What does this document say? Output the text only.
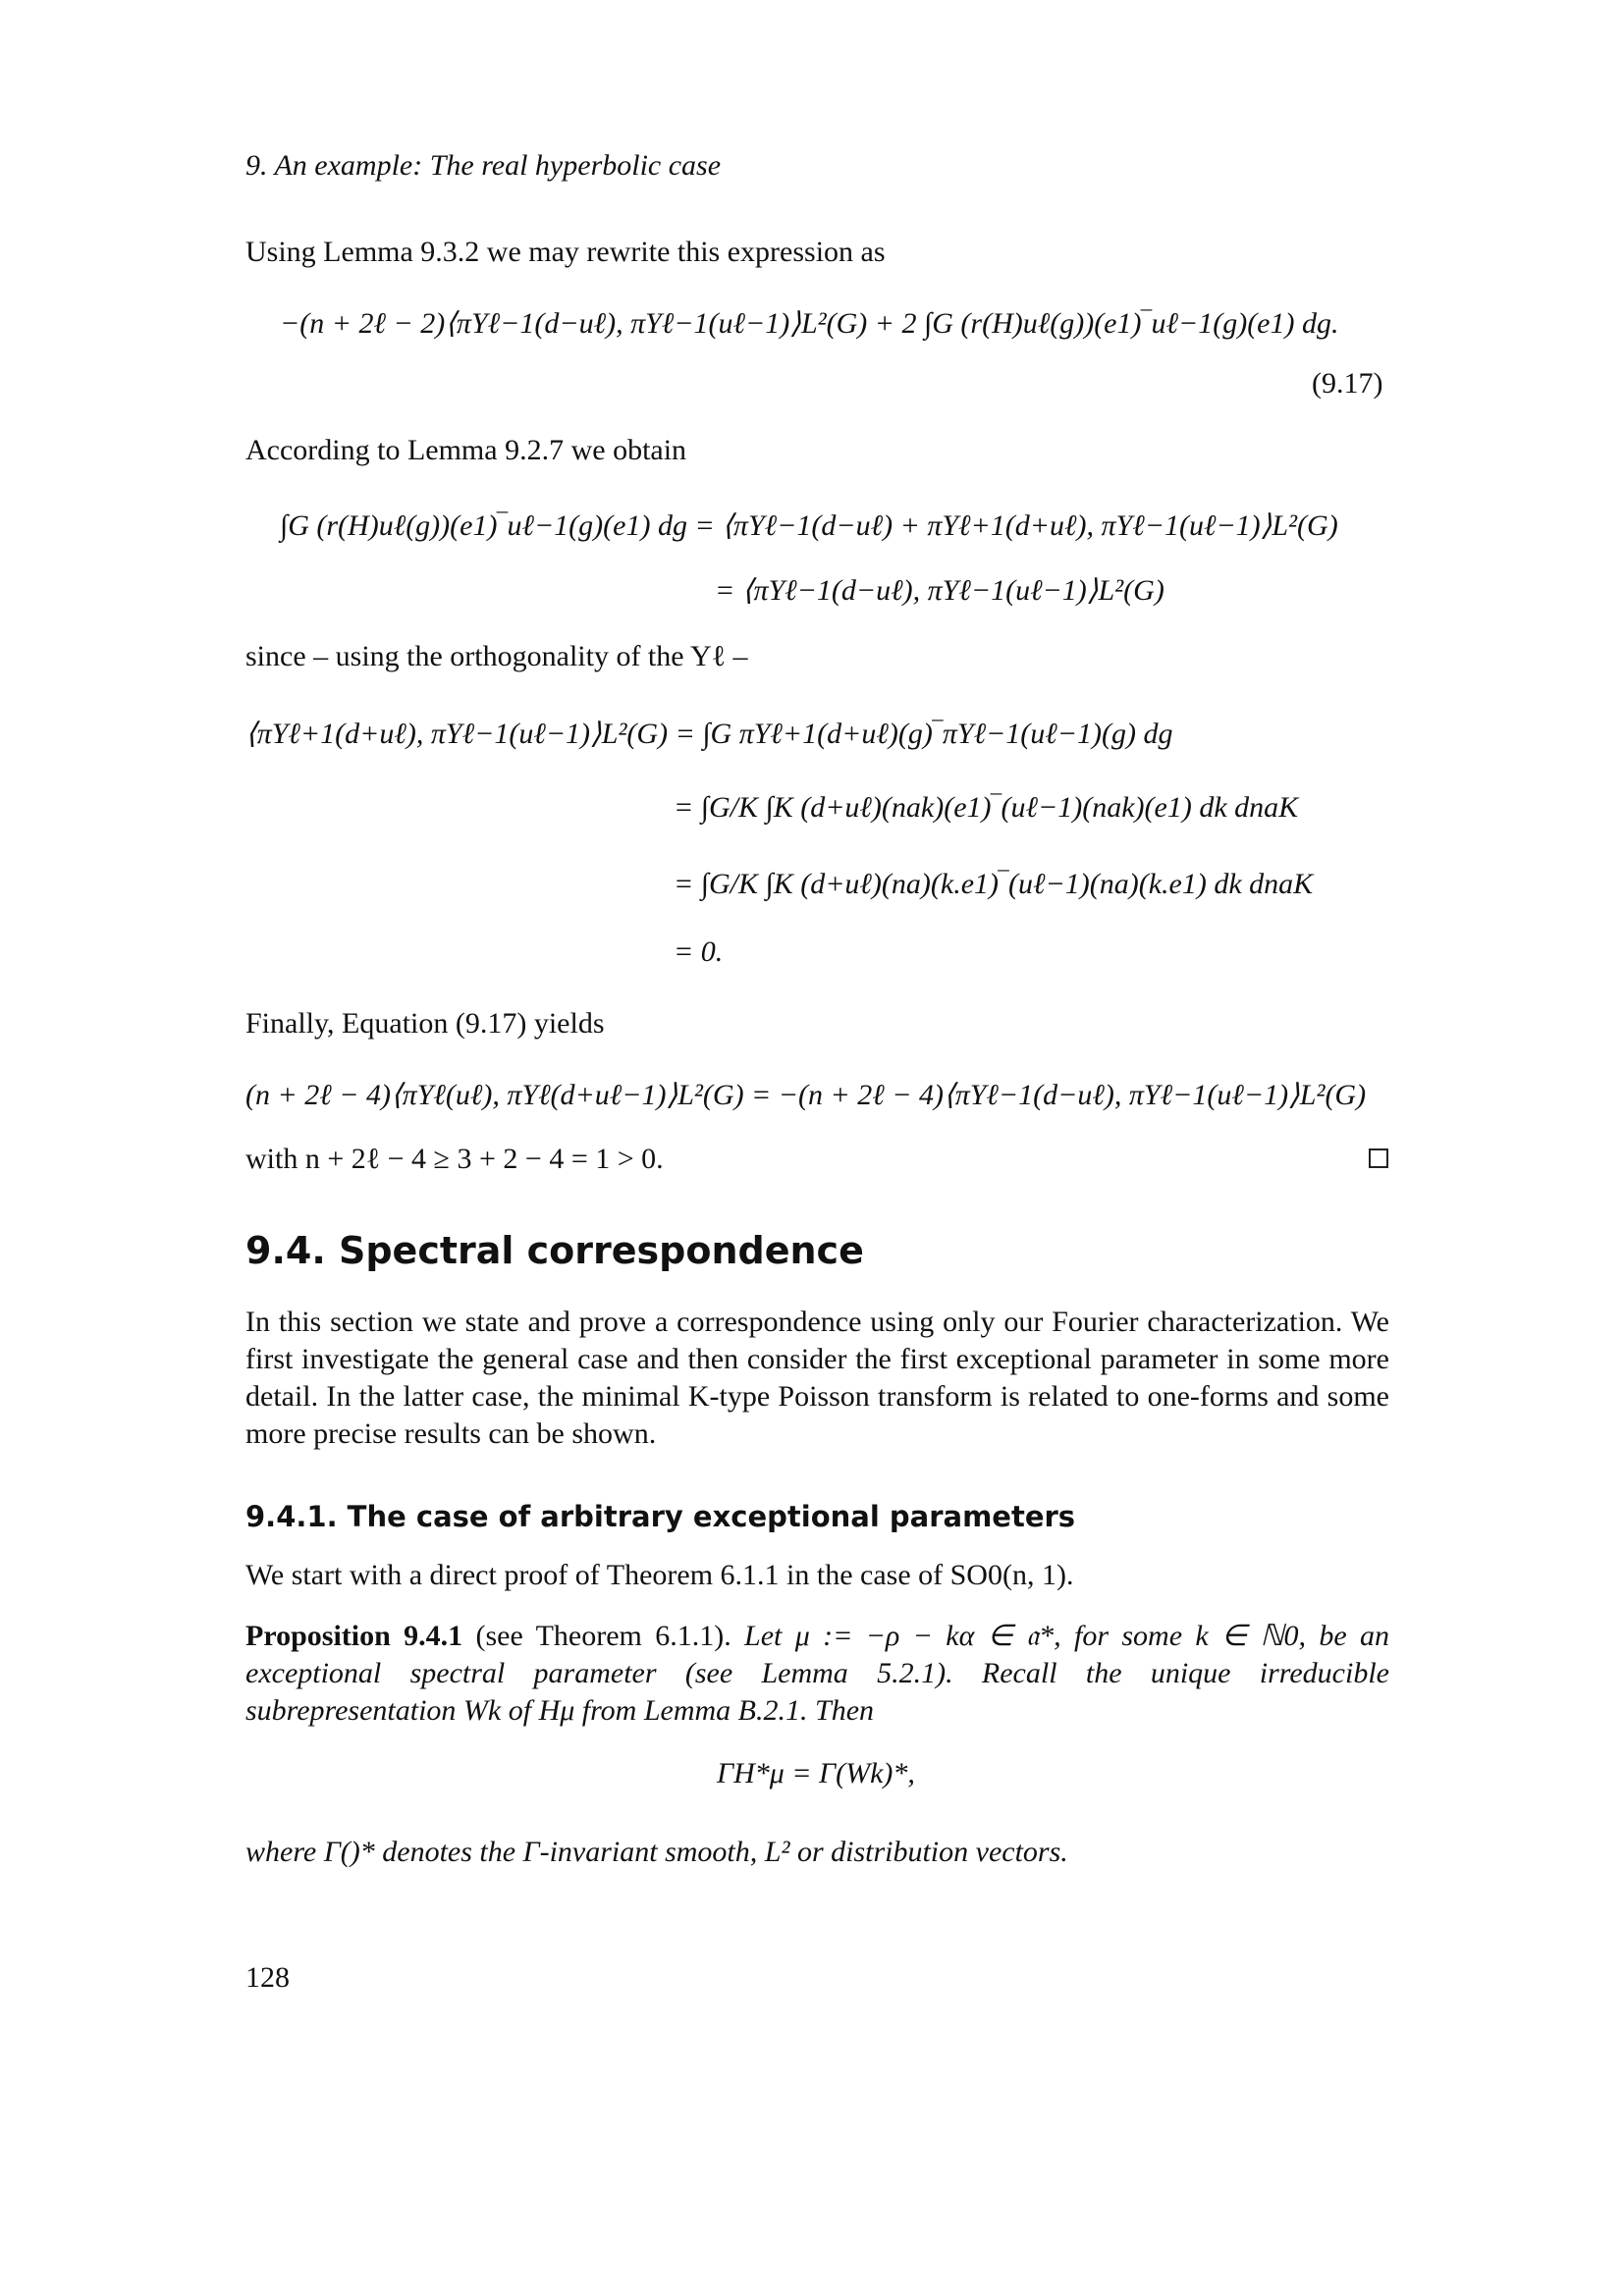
9. An example: The real hyperbolic case
Using Lemma 9.3.2 we may rewrite this expression as
−(n + 2ℓ − 2)⟨πYℓ−1(d−uℓ), πYℓ−1(uℓ−1)⟩L²(G) + 2 ∫G (r(H)uℓ(g))(e1)‾uℓ−1(g)(e1) dg.
(9.17)
According to Lemma 9.2.7 we obtain
∫G (r(H)uℓ(g))(e1)‾uℓ−1(g)(e1) dg = ⟨πYℓ−1(d−uℓ) + πYℓ+1(d+uℓ), πYℓ−1(uℓ−1)⟩L²(G)
= ⟨πYℓ−1(d−uℓ), πYℓ−1(uℓ−1)⟩L²(G)
since – using the orthogonality of the Yℓ –
⟨πYℓ+1(d+uℓ), πYℓ−1(uℓ−1)⟩L²(G) = ∫G πYℓ+1(d+uℓ)(g)‾πYℓ−1(uℓ−1)(g) dg
= ∫G/K ∫K (d+uℓ)(nak)(e1)‾(uℓ−1)(nak)(e1) dk dnaK
= ∫G/K ∫K (d+uℓ)(na)(k.e1)‾(uℓ−1)(na)(k.e1) dk dnaK
= 0.
Finally, Equation (9.17) yields
(n + 2ℓ − 4)⟨πYℓ(uℓ), πYℓ(d+uℓ−1)⟩L²(G) = −(n + 2ℓ − 4)⟨πYℓ−1(d−uℓ), πYℓ−1(uℓ−1)⟩L²(G)
with n + 2ℓ − 4 ≥ 3 + 2 − 4 = 1 > 0.
9.4. Spectral correspondence
In this section we state and prove a correspondence using only our Fourier characterization. We first investigate the general case and then consider the first exceptional parameter in some more detail. In the latter case, the minimal K-type Poisson transform is related to one-forms and some more precise results can be shown.
9.4.1. The case of arbitrary exceptional parameters
We start with a direct proof of Theorem 6.1.1 in the case of SO0(n, 1).
Proposition 9.4.1 (see Theorem 6.1.1). Let μ := −ρ − kα ∈ 𝔞*, for some k ∈ ℕ0, be an exceptional spectral parameter (see Lemma 5.2.1). Recall the unique irreducible subrepresentation Wk of Hμ from Lemma B.2.1. Then
ΓH*μ = Γ(Wk)*,
where Γ()* denotes the Γ-invariant smooth, L² or distribution vectors.
128
